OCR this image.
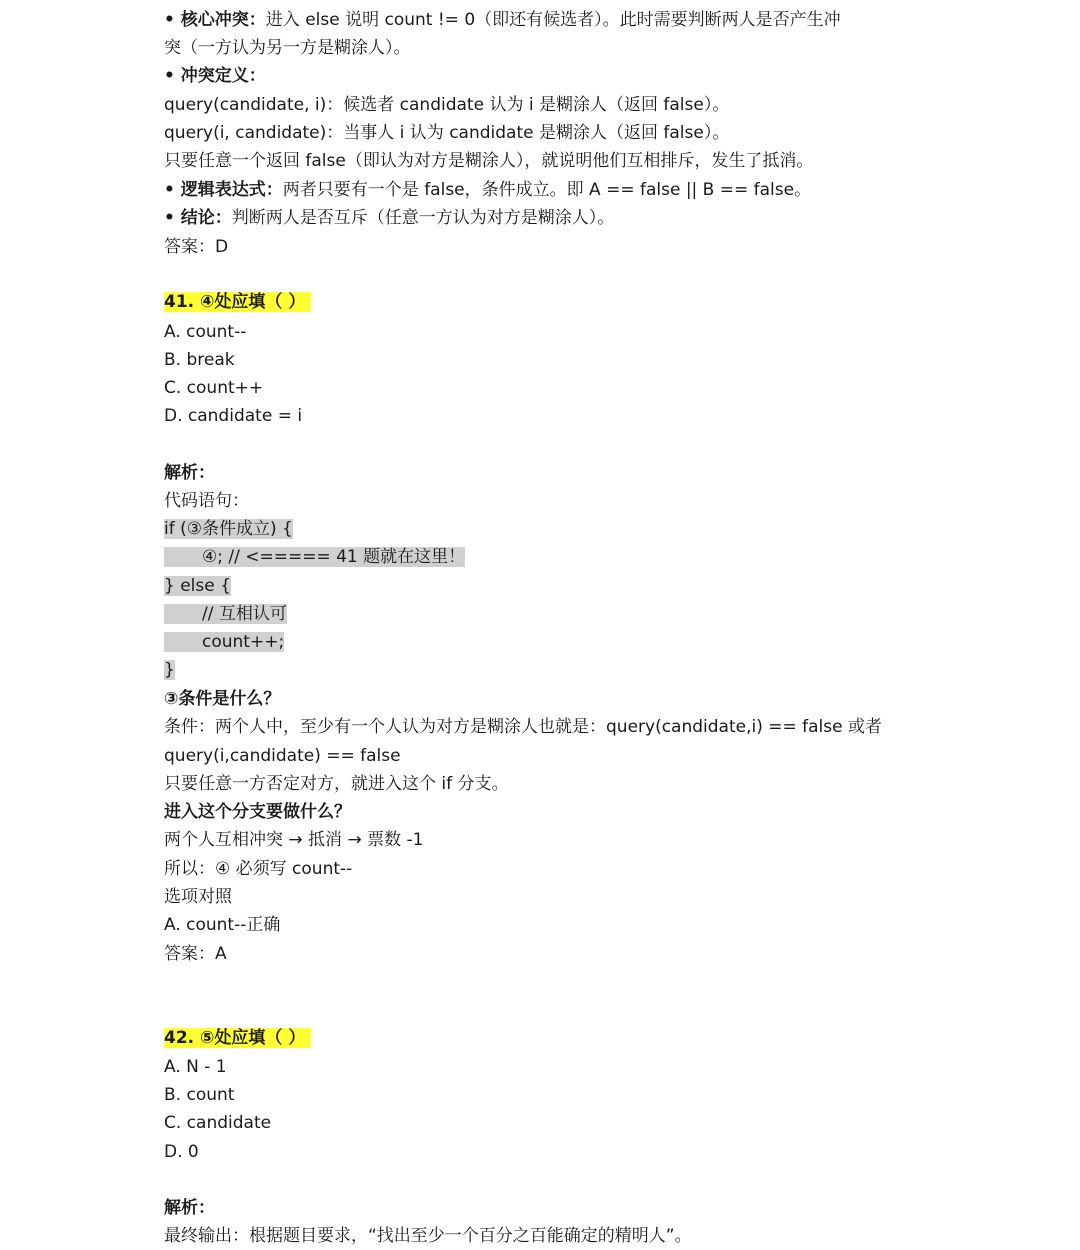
• 核心冲突：进入 else 说明 count != 0（即还有候选者）。此时需要判断两人是否产生冲
突（一方认为另一方是糊涂人）。
• 冲突定义：
query(candidate, i)：候选者 candidate 认为 i 是糊涂人（返回 false）。
query(i, candidate)：当事人 i 认为 candidate 是糊涂人（返回 false）。
只要任意一个返回 false（即认为对方是糊涂人），就说明他们互相排斥，发生了抵消。
• 逻辑表达式：两者只要有一个是 false，条件成立。即 A == false || B == false。
• 结论：判断两人是否互斥（任意一方认为对方是糊涂人）。
答案：D
41. ④处应填（ ）
A. count--
B. break
C. count++
D. candidate = i
解析：
代码语句：
if (③条件成立) {
④; // <===== 41 题就在这里！
} else {
// 互相认可
count++;
}
③条件是什么？
条件：两个人中，至少有一个人认为对方是糊涂人也就是：query(candidate,i) == false 或者
query(i,candidate) == false
只要任意一方否定对方，就进入这个 if 分支。
进入这个分支要做什么？
两个人互相冲突 → 抵消 → 票数 -1
所以：④ 必须写 count--
选项对照
A. count--正确
答案：A
42. ⑤处应填（ ）
A. N - 1
B. count
C. candidate
D. 0
解析：
最终输出：根据题目要求，“找出至少一个百分之百能确定的精明人”。
